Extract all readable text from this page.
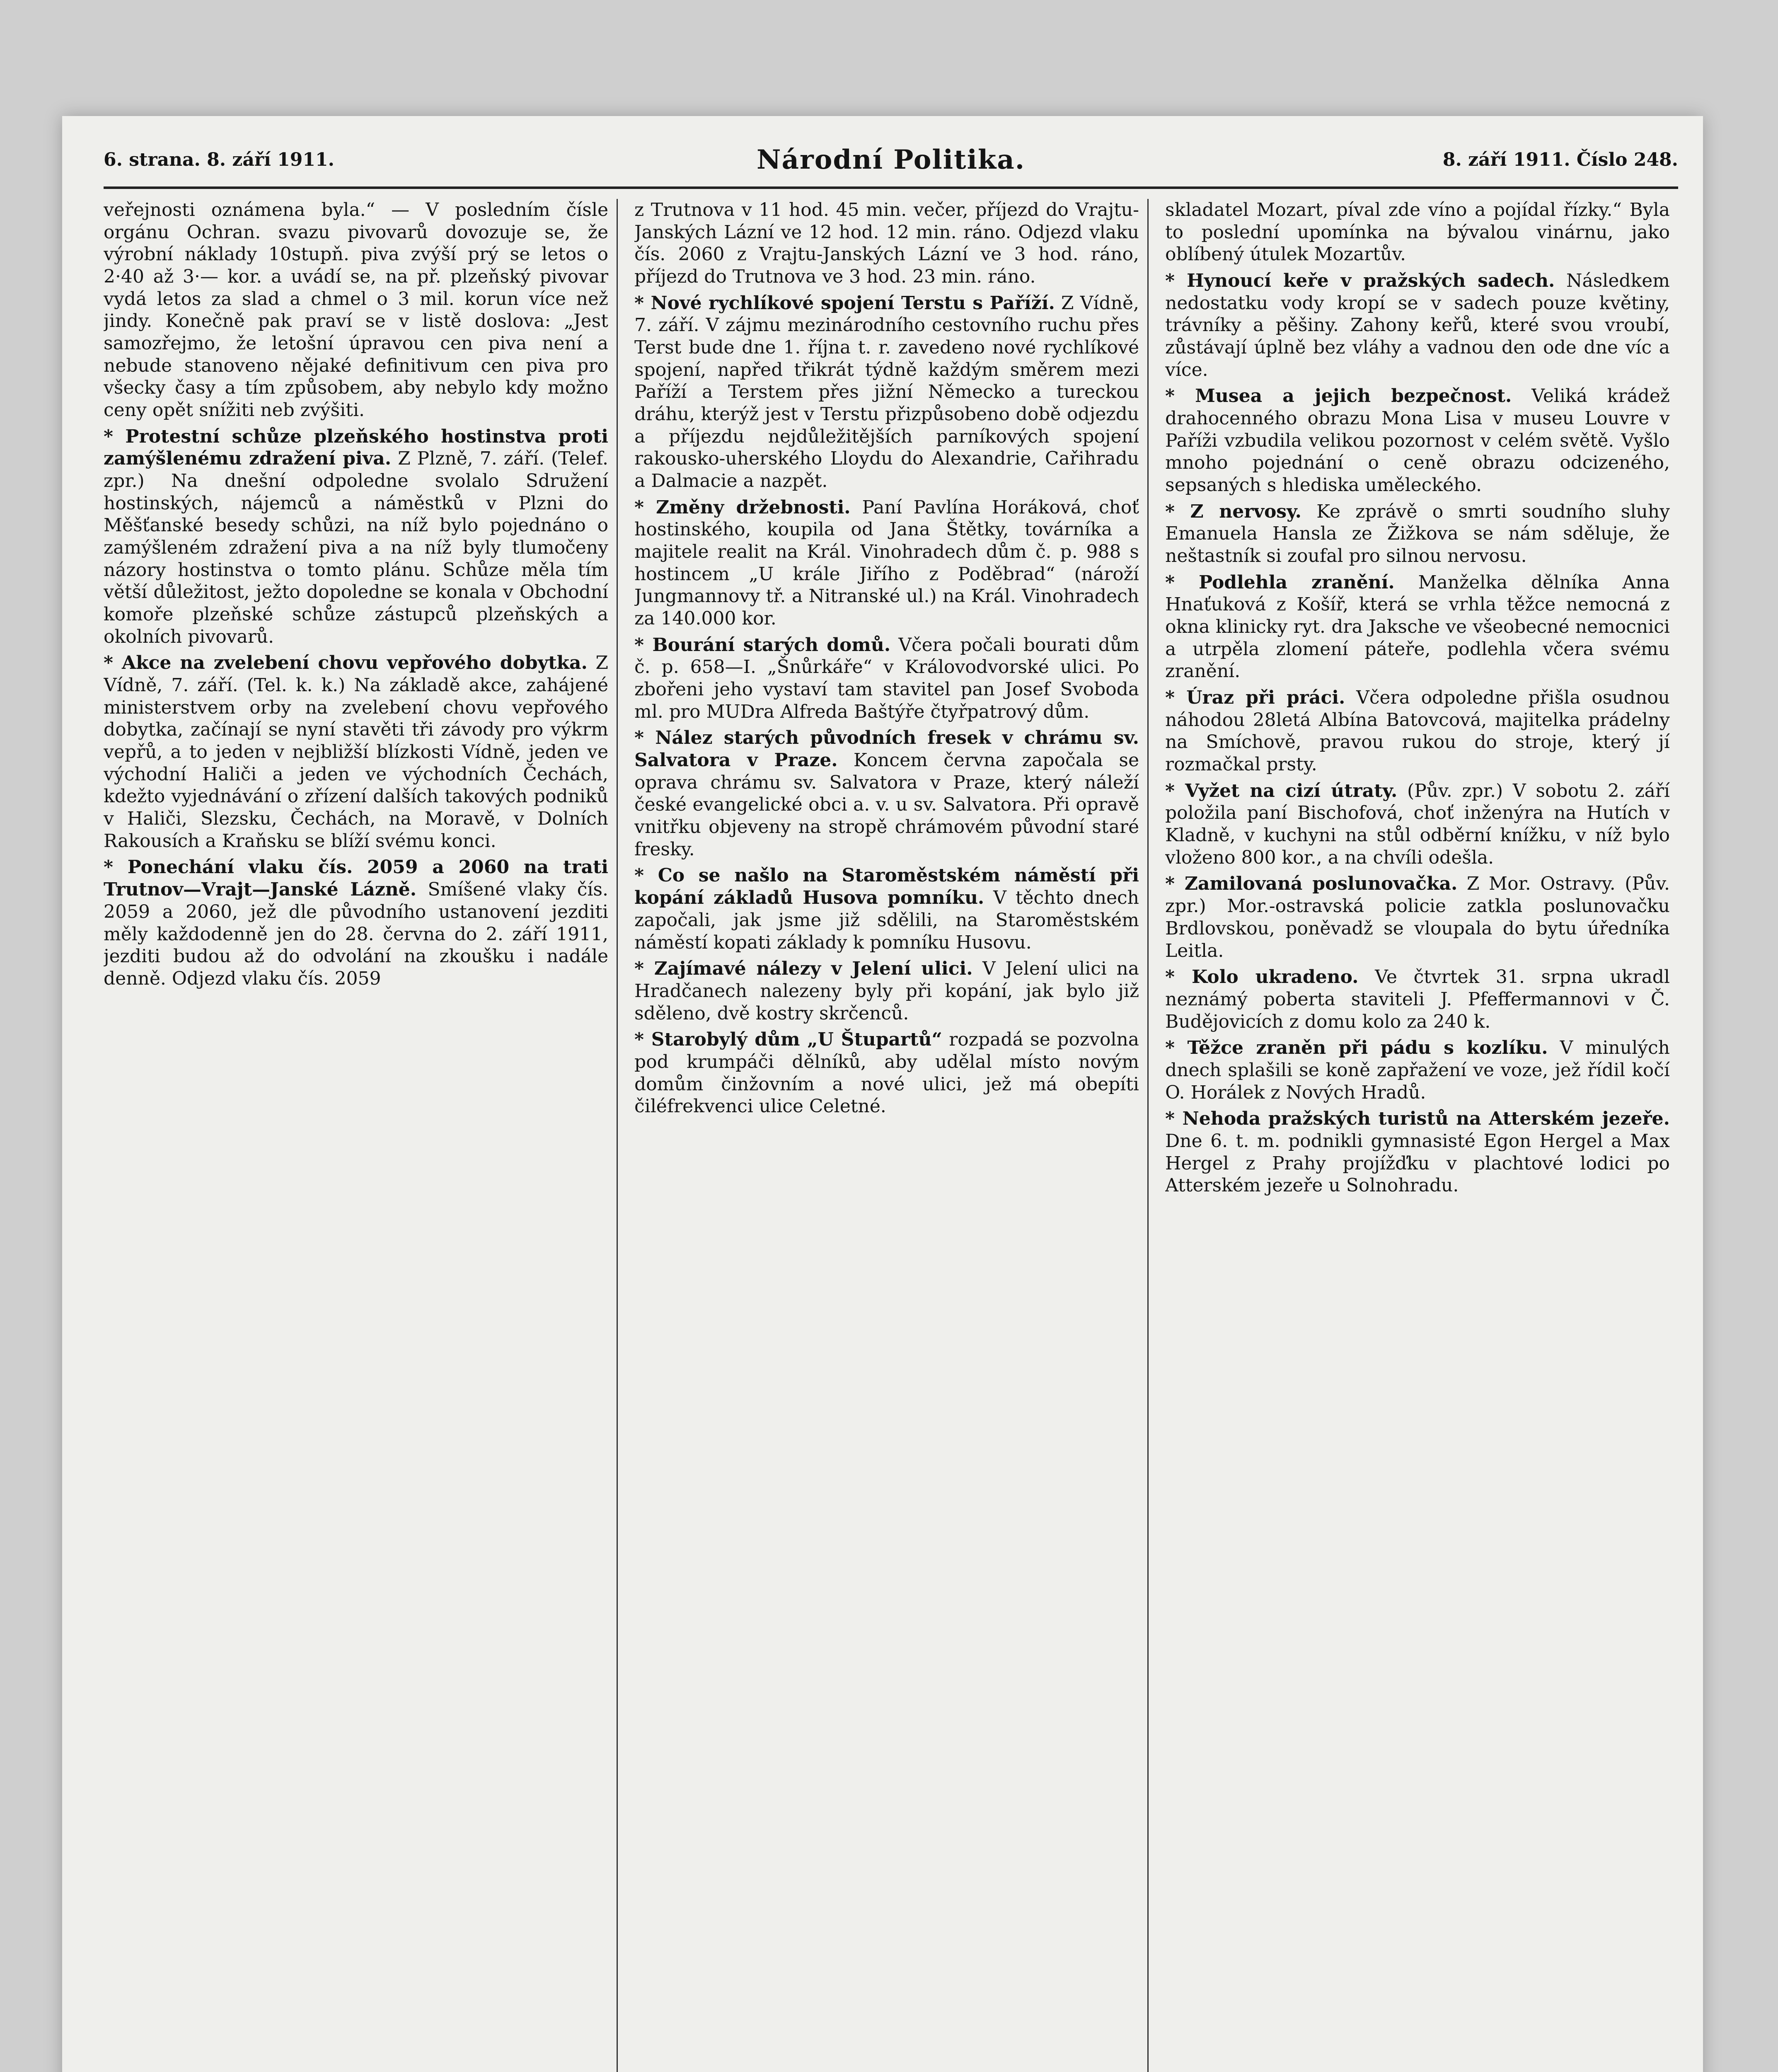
6. strana. 8. září 1911.	Národní Politika.	8. září 1911. Číslo 248.
veřejnosti oznámena byla.“ — V posledním čísle orgánu Ochran. svazu pivovarů dovozuje se, že výrobní náklady 10stupň. piva zvýší prý se letos o 2·40 až 3·— kor. a uvádí se, na př. plzeňský pivovar vydá letos za slad a chmel o 3 mil. korun více než jindy. Konečně pak praví se v listě doslova: „Jest samozřejmo, že letošní úpravou cen piva není a nebude stanoveno nějaké definitivum cen piva pro všecky časy a tím způsobem, aby nebylo kdy možno ceny opět snížiti neb zvýšiti.
* Protestní schůze plzeňského hostinstva proti zamýšlenému zdražení piva. Z Plzně, 7. září. (Telef. zpr.) Na dnešní odpoledne svolalo Sdružení hostinských, nájemců a náměstků v Plzni do Měšťanské besedy schůzi, na níž bylo pojednáno o zamýšleném zdražení piva a na níž byly tlumočeny názory hostinstva o tomto plánu. Schůze měla tím větší důležitost, ježto dopoledne se konala v Obchodní komoře plzeňské schůze zástupců plzeňských a okolních pivovarů.
* Akce na zvelebení chovu vepřového dobytka. Z Vídně, 7. září. (Tel. k. k.) Na základě akce, zahájené ministerstvem orby na zvelebení chovu vepřového dobytka, začínají se nyní stavěti tři závody pro výkrm vepřů, a to jeden v nejbližší blízkosti Vídně, jeden ve východní Haliči a jeden ve východních Čechách, kdežto vyjednávání o zřízení dalších takových podniků v Haliči, Slezsku, Čechách, na Moravě, v Dolních Rakousích a Kraňsku se blíží svému konci.
* Ponechání vlaku čís. 2059 a 2060 na trati Trutnov—Vrajt—Janské Lázně. Smíšené vlaky čís. 2059 a 2060, jež dle původního ustanovení jezditi měly každodenně jen do 28. června do 2. září 1911, jezditi budou až do odvolání na zkoušku i nadále denně. Odjezd vlaku čís. 2059
z Trutnova v 11 hod. 45 min. večer, příjezd do Vrajtu-Janských Lázní ve 12 hod. 12 min. ráno. Odjezd vlaku čís. 2060 z Vrajtu-Janských Lázní ve 3 hod. ráno, příjezd do Trutnova ve 3 hod. 23 min. ráno.
* Nové rychlíkové spojení Terstu s Paříží. Z Vídně, 7. září. V zájmu mezinárodního cestovního ruchu přes Terst bude dne 1. října t. r. zavedeno nové rychlíkové spojení, napřed třikrát týdně každým směrem mezi Paříží a Terstem přes jižní Německo a tureckou dráhu, kterýž jest v Terstu přizpůsobeno době odjezdu a příjezdu nejdůležitějších parníkových spojení rakousko-uherského Lloydu do Alexandrie, Cařihradu a Dalmacie a nazpět.
* Změny držebnosti. Paní Pavlína Horáková, choť hostinského, koupila od Jana Štětky, továrníka a majitele realit na Král. Vinohradech dům č. p. 988 s hostincem „U krále Jiřího z Poděbrad“ (nároží Jungmannovy tř. a Nitranské ul.) na Král. Vinohradech za 140.000 kor.
* Bourání starých domů. Včera počali bourati dům č. p. 658—I. „Šnůrkáře“ v Královodvorské ulici. Po zbořeni jeho vystaví tam stavitel pan Josef Svoboda ml. pro MUDra Alfreda Baštýře čtyřpatrový dům.
* Nález starých původních fresek v chrámu sv. Salvatora v Praze. Koncem června započala se oprava chrámu sv. Salvatora v Praze, který náleží české evangelické obci a. v. u sv. Salvatora. Při opravě vnitřku objeveny na stropě chrámovém původní staré fresky.
* Co se našlo na Staroměstském náměstí při kopání základů Husova pomníku. V těchto dnech započali, jak jsme již sdělili, na Staroměstském náměstí kopati základy k pomníku Husovu.
* Zajímavé nálezy v Jelení ulici. V Jelení ulici na Hradčanech nalezeny byly při kopání, jak bylo již sděleno, dvě kostry skrčenců.
* Starobylý dům „U Štupartů“ rozpadá se pozvolna pod krumpáči dělníků, aby udělal místo novým domům činžovním a nové ulici, jež má obepíti čiléfrekvenci ulice Celetné.
skladatel Mozart, píval zde víno a pojídal řízky.“ Byla to poslední upomínka na bývalou vinárnu, jako oblíbený útulek Mozartův.
* Hynoucí keře v pražských sadech. Následkem nedostatku vody kropí se v sadech pouze květiny, trávníky a pěšiny. Zahony keřů, které svou vroubí, zůstávají úplně bez vláhy a vadnou den ode dne víc a více.
* Musea a jejich bezpečnost. Veliká krádež drahocenného obrazu Mona Lisa v museu Louvre v Paříži vzbudila velikou pozornost v celém světě. Vyšlo mnoho pojednání o ceně obrazu odcizeného, sepsaných s hlediska uměleckého.
* Z nervosy. Ke zprávě o smrti soudního sluhy Emanuela Hansla ze Žižkova se nám sděluje, že neštastník si zoufal pro silnou nervosu.
* Podlehla zranění. Manželka dělníka Anna Hnaťuková z Košíř, která se vrhla těžce nemocná z okna klinicky ryt. dra Jaksche ve všeobecné nemocnici a utrpěla zlomení páteře, podlehla včera svému zranění.
* Úraz při práci. Včera odpoledne přišla osudnou náhodou 28letá Albína Batovcová, majitelka prádelny na Smíchově, pravou rukou do stroje, který jí rozmačkal prsty.
* Vyžet na cizí útraty. (Pův. zpr.) V sobotu 2. září položila paní Bischofová, choť inženýra na Hutích v Kladně, v kuchyni na stůl odběrní knížku, v níž bylo vloženo 800 kor., a na chvíli odešla.
* Zamilovaná poslunovačka. Z Mor. Ostravy. (Pův. zpr.) Mor.-ostravská policie zatkla poslunovačku Brdlovskou, poněvadž se vloupala do bytu úředníka Leitla.
* Kolo ukradeno. Ve čtvrtek 31. srpna ukradl neznámý poberta staviteli J. Pfeffermannovi v Č. Budějovicích z domu kolo za 240 k.
* Těžce zraněn při pádu s kozlíku. V minulých dnech splašili se koně zapřažení ve voze, jež řídil kočí O. Horálek z Nových Hradů.
* Nehoda pražských turistů na Atterském jezeře. Dne 6. t. m. podnikli gymnasisté Egon Hergel a Max Hergel z Prahy projížďku v plachtové lodici po Atterském jezeře u Solnohradu.
